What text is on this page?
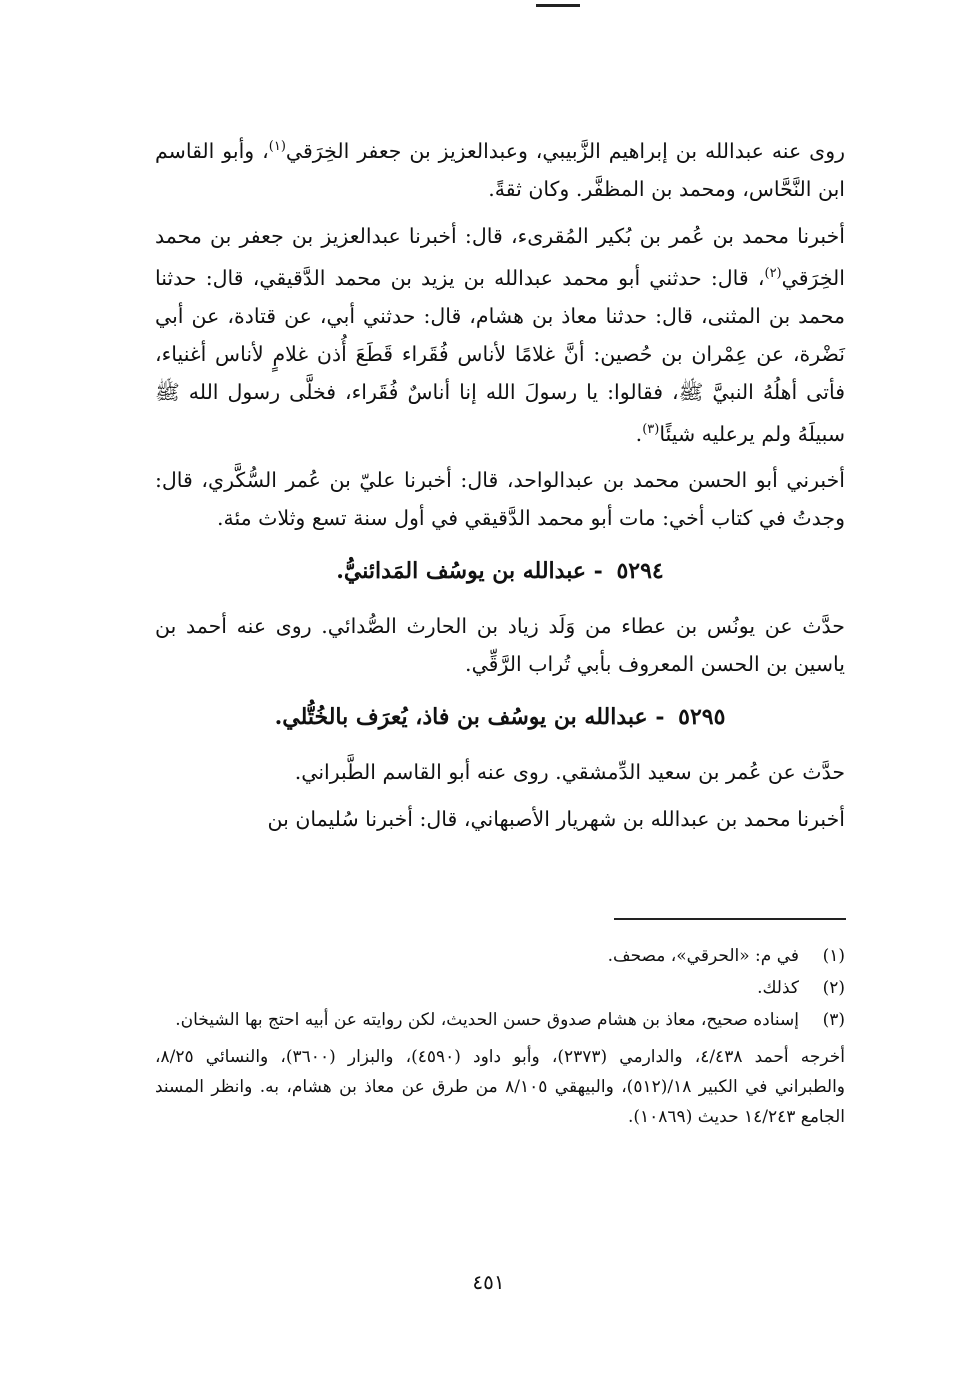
روى عنه عبدالله بن إبراهيم الزَّبيبي، وعبدالعزيز بن جعفر الخِرَقي$^{(١)}$، وأبو القاسم ابن النَّحَّاس، ومحمد بن المظفَّر. وكان ثقةً.

أخبرنا محمد بن عُمر بن بُكير المُقرىء، قال: أخبرنا عبدالعزيز بن جعفر بن محمد الخِرَقي$^{(٢)}$، قال: حدثني أبو محمد عبدالله بن يزيد بن محمد الدَّقيقي، قال: حدثنا محمد بن المثنى، قال: حدثنا معاذ بن هشام، قال: حدثني أبي، عن قتادة، عن أبي نَضْرة، عن عِمْران بن حُصين: أنَّ غلامًا لأناس فُقَراء قَطَعَ أُذن غلامٍ لأناس أغنياء، فأتى أهلُهُ النبيَّ ﷺ، فقالوا: يا رسولَ الله إنا أناسٌ فُقَراء، فخلَّى رسول الله ﷺ سبيلَهُ ولم يرعليه شيئًا$^{(٣)}$.

أخبرني أبو الحسن محمد بن عبدالواحد، قال: أخبرنا عليّ بن عُمر السُّكَّري، قال: وجدتُ في كتاب أخي: مات أبو محمد الدَّقيقي في أول سنة تسع وثلاث مئة.

٥٢٩٤ - عبدالله بن يوسُف المَدائنيُّ.

حدَّث عن يونُس بن عطاء من وَلَد زياد بن الحارث الصُّدائي. روى عنه أحمد بن ياسين بن الحسن المعروف بأبي تُراب الرَّقِّي.

٥٢٩٥ - عبدالله بن يوسُف بن فاذ، يُعرَف بالخُتُّلي.

حدَّث عن عُمر بن سعيد الدِّمشقي. روى عنه أبو القاسم الطَّبراني.

أخبرنا محمد بن عبدالله بن شهريار الأصبهاني، قال: أخبرنا سُليمان بن

(١)
في م: «الحرقي»، مصحف.
(٢)
كذلك.
(٣)
إسناده صحيح، معاذ بن هشام صدوق حسن الحديث، لكن روايته عن أبيه احتج بها الشيخان.
أخرجه أحمد ٤/٤٣٨، والدارمي (٢٣٧٣)، وأبو داود (٤٥٩٠)، والبزار (٣٦٠٠)، والنسائي ٨/٢٥، والطبراني في الكبير ١٨/(٥١٢)، والبيهقي ٨/١٠٥ من طرق عن معاذ بن هشام، به. وانظر المسند الجامع ١٤/٢٤٣ حديث (١٠٨٦٩).
٤٥١
